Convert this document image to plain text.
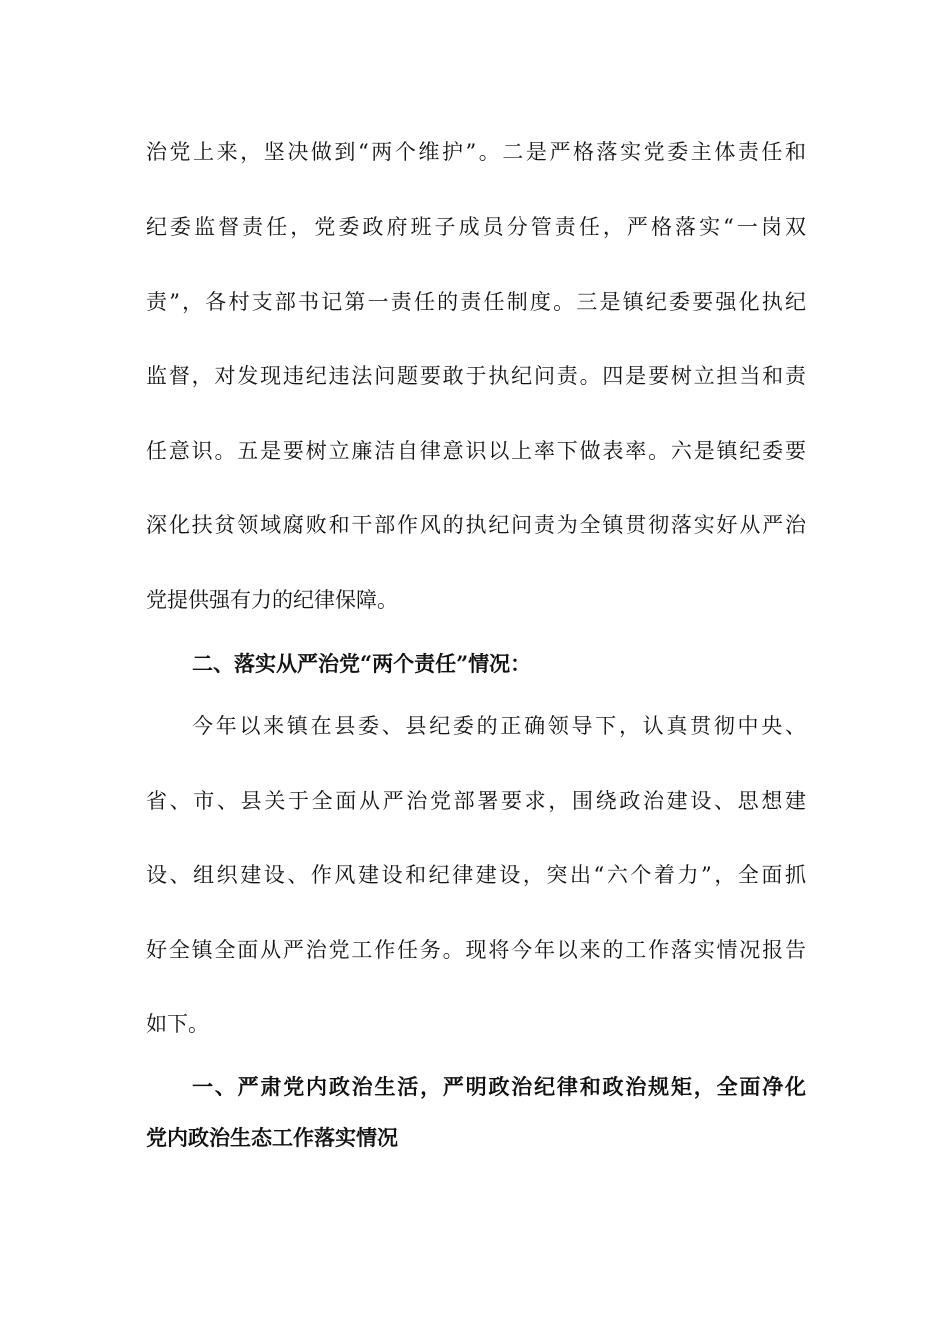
治党上来，坚决做到“两个维护”。二是严格落实党委主体责任和
纪委监督责任，党委政府班子成员分管责任，严格落实“一岗双
责”，各村支部书记第一责任的责任制度。三是镇纪委要强化执纪
监督，对发现违纪违法问题要敢于执纪问责。四是要树立担当和责
任意识。五是要树立廉洁自律意识以上率下做表率。六是镇纪委要
深化扶贫领域腐败和干部作风的执纪问责为全镇贯彻落实好从严治
党提供强有力的纪律保障。
二、落实从严治党“两个责任”情况：
今年以来镇在县委、县纪委的正确领导下，认真贯彻中央、
省、市、县关于全面从严治党部署要求，围绕政治建设、思想建
设、组织建设、作风建设和纪律建设，突出“六个着力”，全面抓
好全镇全面从严治党工作任务。现将今年以来的工作落实情况报告
如下。
一、严肃党内政治生活，严明政治纪律和政治规矩，全面净化
党内政治生态工作落实情况
